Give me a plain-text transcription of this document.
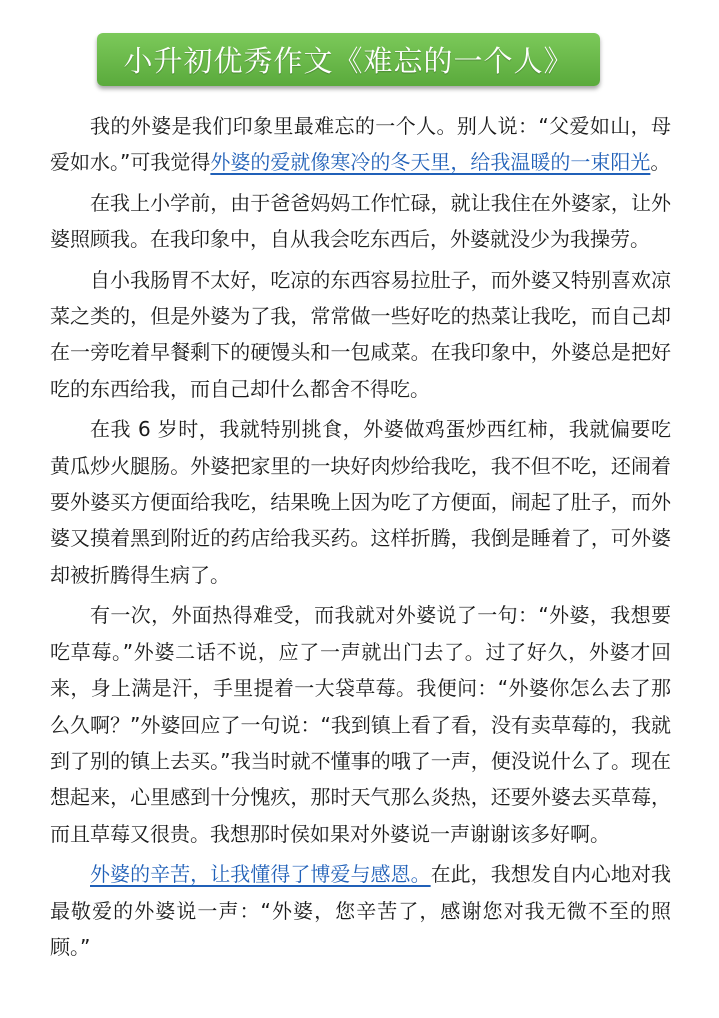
小升初优秀作文《难忘的一个人》

我的外婆是我们印象里最难忘的一个人。别人说：“父爱如山，母爱如水。”可我觉得外婆的爱就像寒冷的冬天里，给我温暖的一束阳光。

在我上小学前，由于爸爸妈妈工作忙碌，就让我住在外婆家，让外婆照顾我。在我印象中，自从我会吃东西后，外婆就没少为我操劳。

自小我肠胃不太好，吃凉的东西容易拉肚子，而外婆又特别喜欢凉菜之类的，但是外婆为了我，常常做一些好吃的热菜让我吃，而自己却在一旁吃着早餐剩下的硬馒头和一包咸菜。在我印象中，外婆总是把好吃的东西给我，而自己却什么都舍不得吃。

在我 6 岁时，我就特别挑食，外婆做鸡蛋炒西红柿，我就偏要吃黄瓜炒火腿肠。外婆把家里的一块好肉炒给我吃，我不但不吃，还闹着要外婆买方便面给我吃，结果晚上因为吃了方便面，闹起了肚子，而外婆又摸着黑到附近的药店给我买药。这样折腾，我倒是睡着了，可外婆却被折腾得生病了。

有一次，外面热得难受，而我就对外婆说了一句：“外婆，我想要吃草莓。”外婆二话不说，应了一声就出门去了。过了好久，外婆才回来，身上满是汗，手里提着一大袋草莓。我便问：“外婆你怎么去了那么久啊？”外婆回应了一句说：“我到镇上看了看，没有卖草莓的，我就到了别的镇上去买。”我当时就不懂事的哦了一声，便没说什么了。现在想起来，心里感到十分愧疚，那时天气那么炎热，还要外婆去买草莓，而且草莓又很贵。我想那时侯如果对外婆说一声谢谢该多好啊。

外婆的辛苦，让我懂得了博爱与感恩。在此，我想发自内心地对我最敬爱的外婆说一声：“外婆，您辛苦了，感谢您对我无微不至的照顾。”
